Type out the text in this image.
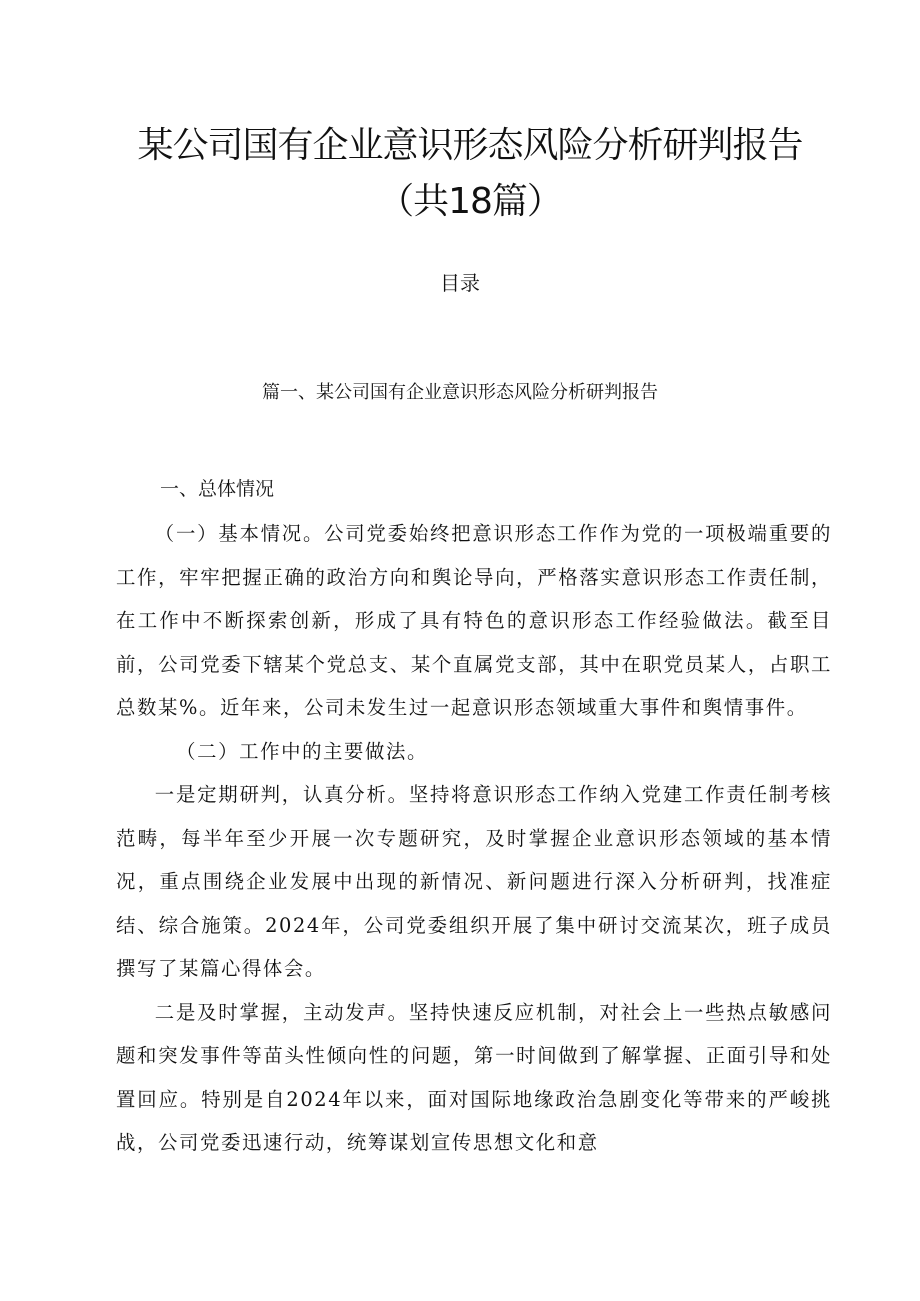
某公司国有企业意识形态风险分析研判报告（共18篇）
目录
篇一、某公司国有企业意识形态风险分析研判报告
一、总体情况

（一）基本情况。公司党委始终把意识形态工作作为党的一项极端重要的工作，牢牢把握正确的政治方向和舆论导向，严格落实意识形态工作责任制，在工作中不断探索创新，形成了具有特色的意识形态工作经验做法。截至目前，公司党委下辖某个党总支、某个直属党支部，其中在职党员某人，占职工总数某%。近年来，公司未发生过一起意识形态领域重大事件和舆情事件。

（二）工作中的主要做法。

一是定期研判，认真分析。坚持将意识形态工作纳入党建工作责任制考核范畴，每半年至少开展一次专题研究，及时掌握企业意识形态领域的基本情况，重点围绕企业发展中出现的新情况、新问题进行深入分析研判，找准症结、综合施策。2024年，公司党委组织开展了集中研讨交流某次，班子成员撰写了某篇心得体会。

二是及时掌握，主动发声。坚持快速反应机制，对社会上一些热点敏感问题和突发事件等苗头性倾向性的问题，第一时间做到了解掌握、正面引导和处置回应。特别是自2024年以来，面对国际地缘政治急剧变化等带来的严峻挑战，公司党委迅速行动，统筹谋划宣传思想文化和意
